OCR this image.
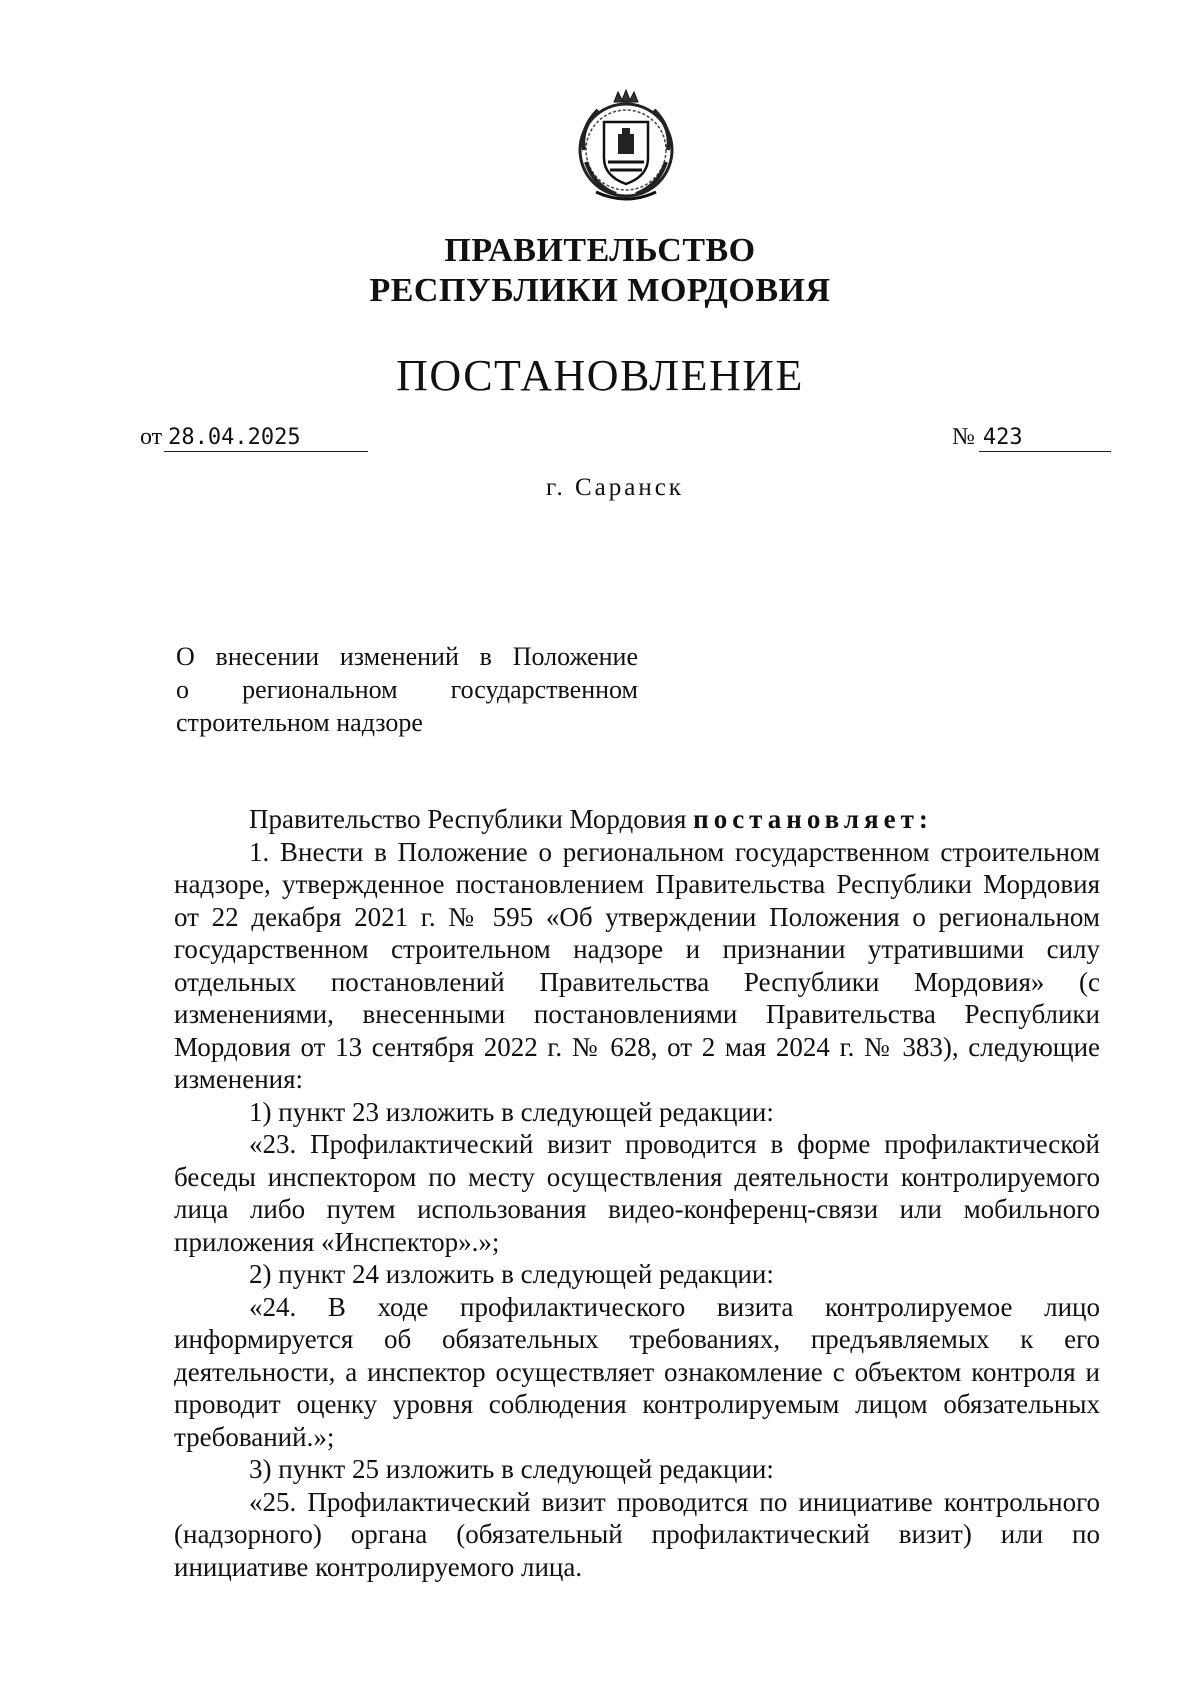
ПРАВИТЕЛЬСТВО
РЕСПУБЛИКИ МОРДОВИЯ
ПОСТАНОВЛЕНИЕ
от 28.04.2025	№ 423
г. Саранск
О внесении изменений в Положение
о региональном государственном
строительном надзоре

Правительство Республики Мордовия постановляет:

1. Внести в Положение о региональном государственном строительном надзоре, утвержденное постановлением Правительства Республики Мордовия от 22 декабря 2021 г. № 595 «Об утверждении Положения о региональном государственном строительном надзоре и признании утратившими силу отдельных постановлений Правительства Республики Мордовия» (с изменениями, внесенными постановлениями Правительства Республики Мордовия от 13 сентября 2022 г. № 628, от 2 мая 2024 г. № 383), следующие изменения:

1) пункт 23 изложить в следующей редакции:

«23. Профилактический визит проводится в форме профилактической беседы инспектором по месту осуществления деятельности контролируемого лица либо путем использования видео-конференц-связи или мобильного приложения «Инспектор».»;

2) пункт 24 изложить в следующей редакции:

«24. В ходе профилактического визита контролируемое лицо информируется об обязательных требованиях, предъявляемых к его деятельности, а инспектор осуществляет ознакомление с объектом контроля и проводит оценку уровня соблюдения контролируемым лицом обязательных требований.»;

3) пункт 25 изложить в следующей редакции:

«25. Профилактический визит проводится по инициативе контрольного (надзорного) органа (обязательный профилактический визит) или по инициативе контролируемого лица.
